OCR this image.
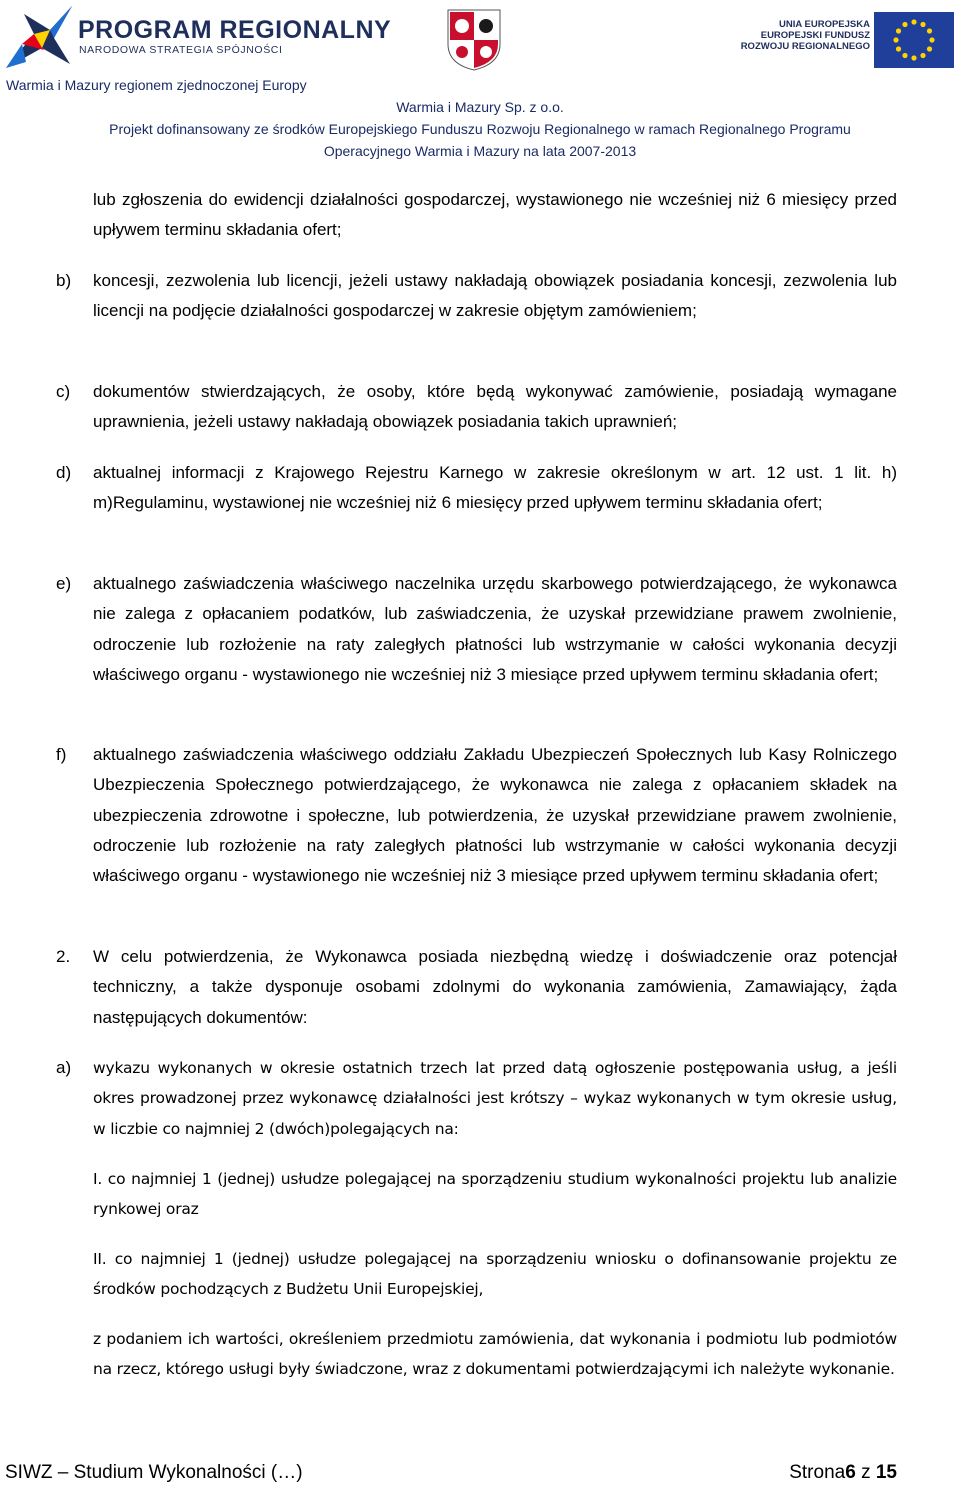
PROGRAM REGIONALNY
NARODOWA STRATEGIA SPÓJNOŚCI
UNIA EUROPEJSKA
EUROPEJSKI FUNDUSZ
ROZWOJU REGIONALNEGO
Warmia i Mazury regionem zjednoczonej Europy
Warmia i Mazury Sp. z o.o.
Projekt dofinansowany ze środków Europejskiego Funduszu Rozwoju Regionalnego w ramach Regionalnego Programu
Operacyjnego Warmia i Mazury na lata 2007-2013
lub zgłoszenia do ewidencji działalności gospodarczej, wystawionego nie wcześniej niż 6 miesięcy przed upływem terminu składania ofert;
b) koncesji, zezwolenia lub licencji, jeżeli ustawy nakładają obowiązek posiadania koncesji, zezwolenia lub licencji na podjęcie działalności gospodarczej w zakresie objętym zamówieniem;
c) dokumentów stwierdzających, że osoby, które będą wykonywać zamówienie, posiadają wymagane uprawnienia, jeżeli ustawy nakładają obowiązek posiadania takich uprawnień;
d) aktualnej informacji z Krajowego Rejestru Karnego w zakresie określonym w art. 12 ust. 1 lit. h) m)Regulaminu, wystawionej nie wcześniej niż 6 miesięcy przed upływem terminu składania ofert;
e) aktualnego zaświadczenia właściwego naczelnika urzędu skarbowego potwierdzającego, że wykonawca nie zalega z opłacaniem podatków, lub zaświadczenia, że uzyskał przewidziane prawem zwolnienie, odroczenie lub rozłożenie na raty zaległych płatności lub wstrzymanie w całości wykonania decyzji właściwego organu - wystawionego nie wcześniej niż 3 miesiące przed upływem terminu składania ofert;
f) aktualnego zaświadczenia właściwego oddziału Zakładu Ubezpieczeń Społecznych lub Kasy Rolniczego Ubezpieczenia Społecznego potwierdzającego, że wykonawca nie zalega z opłacaniem składek na ubezpieczenia zdrowotne i społeczne, lub potwierdzenia, że uzyskał przewidziane prawem zwolnienie, odroczenie lub rozłożenie na raty zaległych płatności lub wstrzymanie w całości wykonania decyzji właściwego organu - wystawionego nie wcześniej niż 3 miesiące przed upływem terminu składania ofert;
2. W celu potwierdzenia, że Wykonawca posiada niezbędną wiedzę i doświadczenie oraz potencjał techniczny, a także dysponuje osobami zdolnymi do wykonania zamówienia, Zamawiający, żąda następujących dokumentów:
a) wykazu wykonanych w okresie ostatnich trzech lat przed datą ogłoszenie postępowania usług, a jeśli okres prowadzonej przez wykonawcę działalności jest krótszy – wykaz wykonanych w tym okresie usług, w liczbie co najmniej 2 (dwóch)polegających na:
I. co najmniej 1 (jednej) usłudze polegającej na sporządzeniu studium wykonalności projektu lub analizie rynkowej oraz
II. co najmniej 1 (jednej) usłudze polegającej na sporządzeniu wniosku o dofinansowanie projektu ze środków pochodzących z Budżetu Unii Europejskiej,
z podaniem ich wartości, określeniem przedmiotu zamówienia, dat wykonania i podmiotu lub podmiotów na rzecz, którego usługi były świadczone, wraz z dokumentami potwierdzającymi ich należyte wykonanie.
SIWZ – Studium Wykonalności (…)	Strona6 z 15
